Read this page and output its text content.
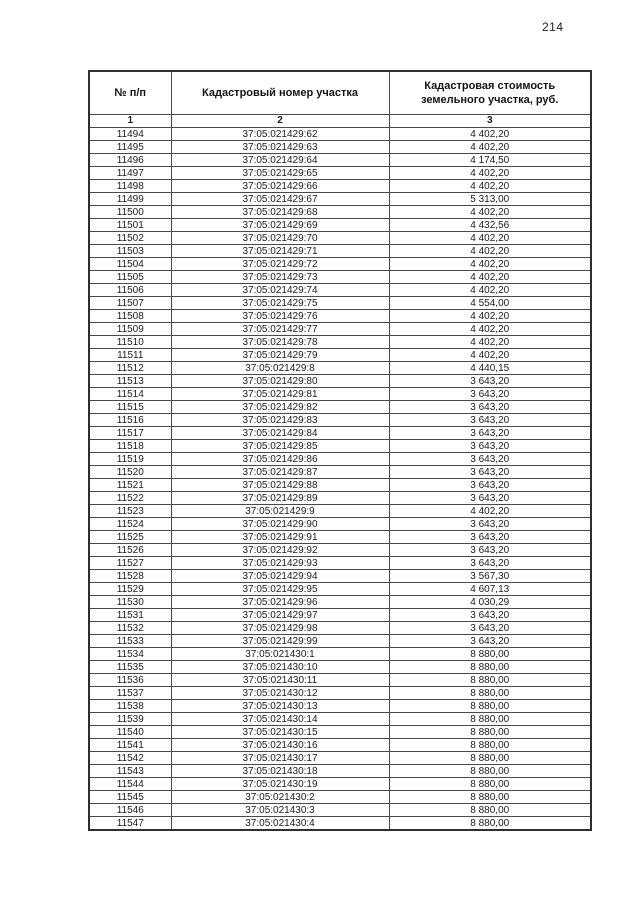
214
№ п/п	Кадастровый номер участка	Кадастровая стоимость земельного участка, руб.
1	2	3
11494	37:05:021429:62	4 402,20
11495	37:05:021429:63	4 402,20
11496	37:05:021429:64	4 174,50
11497	37:05:021429:65	4 402,20
11498	37:05:021429:66	4 402,20
11499	37:05:021429:67	5 313,00
11500	37:05:021429:68	4 402,20
11501	37:05:021429:69	4 432,56
11502	37:05:021429:70	4 402,20
11503	37:05:021429:71	4 402,20
11504	37:05:021429:72	4 402,20
11505	37:05:021429:73	4 402,20
11506	37:05:021429:74	4 402,20
11507	37:05:021429:75	4 554,00
11508	37:05:021429:76	4 402,20
11509	37:05:021429:77	4 402,20
11510	37:05:021429:78	4 402,20
11511	37:05:021429:79	4 402,20
11512	37:05:021429:8	4 440,15
11513	37:05:021429:80	3 643,20
11514	37:05:021429:81	3 643,20
11515	37:05:021429:82	3 643,20
11516	37:05:021429:83	3 643,20
11517	37:05:021429:84	3 643,20
11518	37:05:021429:85	3 643,20
11519	37:05:021429:86	3 643,20
11520	37:05:021429:87	3 643,20
11521	37:05:021429:88	3 643,20
11522	37:05:021429:89	3 643,20
11523	37:05:021429:9	4 402,20
11524	37:05:021429:90	3 643,20
11525	37:05:021429:91	3 643,20
11526	37:05:021429:92	3 643,20
11527	37:05:021429:93	3 643,20
11528	37:05:021429:94	3 567,30
11529	37:05:021429:95	4 607,13
11530	37:05:021429:96	4 030,29
11531	37:05:021429:97	3 643,20
11532	37:05:021429:98	3 643,20
11533	37:05:021429:99	3 643,20
11534	37:05:021430:1	8 880,00
11535	37:05:021430:10	8 880,00
11536	37:05:021430:11	8 880,00
11537	37:05:021430:12	8 880,00
11538	37:05:021430:13	8 880,00
11539	37:05:021430:14	8 880,00
11540	37:05:021430:15	8 880,00
11541	37:05:021430:16	8 880,00
11542	37:05:021430:17	8 880,00
11543	37:05:021430:18	8 880,00
11544	37:05:021430:19	8 880,00
11545	37:05:021430:2	8 880,00
11546	37:05:021430:3	8 880,00
11547	37:05:021430:4	8 880,00
